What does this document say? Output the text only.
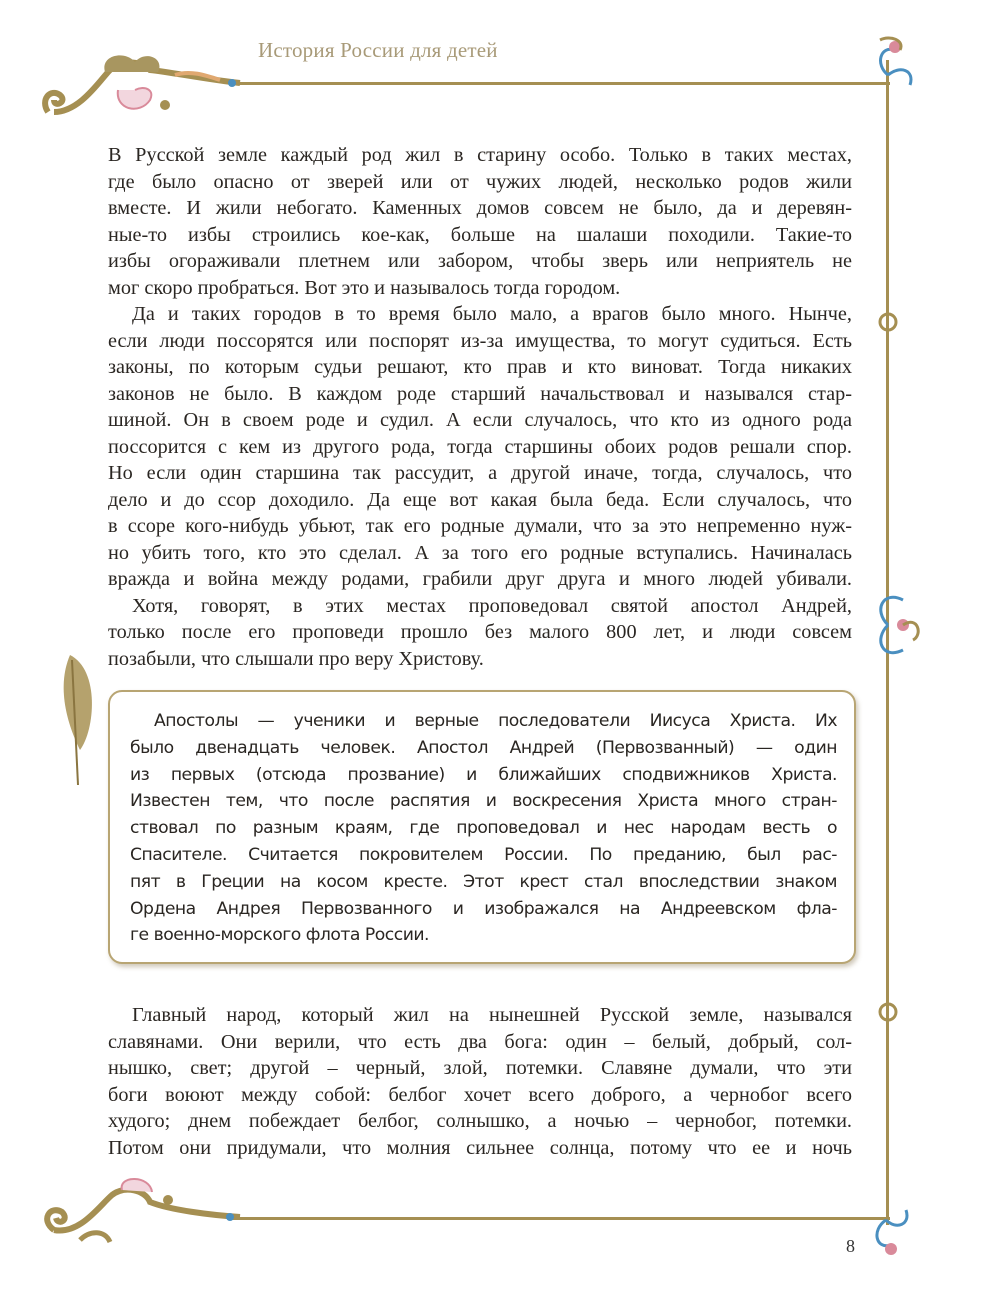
История России для детей
В Русской земле каждый род жил в старину особо. Только в таких местах,
где было опасно от зверей или от чужих людей, несколько родов жили
вместе. И жили небогато. Каменных домов совсем не было, да и деревян-
ные-то избы строились кое-как, больше на шалаши походили. Такие-то
избы огораживали плетнем или забором, чтобы зверь или неприятель не
мог скоро пробраться. Вот это и называлось тогда городом.
Да и таких городов в то время было мало, а врагов было много. Нынче,
если люди поссорятся или поспорят из-за имущества, то могут судиться. Есть
законы, по которым судьи решают, кто прав и кто виноват. Тогда никаких
законов не было. В каждом роде старший начальствовал и назывался стар-
шиной. Он в своем роде и судил. А если случалось, что кто из одного рода
поссорится с кем из другого рода, тогда старшины обоих родов решали спор.
Но если один старшина так рассудит, а другой иначе, тогда, случалось, что
дело и до ссор доходило. Да еще вот какая была беда. Если случалось, что
в ссоре кого-нибудь убьют, так его родные думали, что за это непременно нуж-
но убить того, кто это сделал. А за того его родные вступались. Начиналась
вражда и война между родами, грабили друг друга и много людей убивали.
Хотя, говорят, в этих местах проповедовал святой апостол Андрей,
только после его проповеди прошло без малого 800 лет, и люди совсем
позабыли, что слышали про веру Христову.
Апостолы — ученики и верные последователи Иисуса Христа. Их
было двенадцать человек. Апостол Андрей (Первозванный) — один
из первых (отсюда прозвание) и ближайших сподвижников Христа.
Известен тем, что после распятия и воскресения Христа много стран-
ствовал по разным краям, где проповедовал и нес народам весть о
Спасителе. Считается покровителем России. По преданию, был рас-
пят в Греции на косом кресте. Этот крест стал впоследствии знаком
Ордена Андрея Первозванного и изображался на Андреевском фла-
ге военно-морского флота России.
Главный народ, который жил на нынешней Русской земле, назывался
славянами. Они верили, что есть два бога: один – белый, добрый, сол-
нышко, свет; другой – черный, злой, потемки. Славяне думали, что эти
боги воюют между собой: белбог хочет всего доброго, а чернобог всего
худого; днем побеждает белбог, солнышко, а ночью – чернобог, потемки.
Потом они придумали, что молния сильнее солнца, потому что ее и ночь
8
